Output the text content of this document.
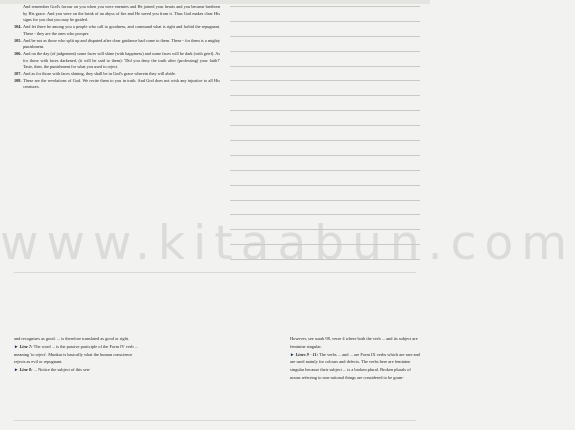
And remember God's favour on you when you were enemies and He joined your hearts and you became brethren by His grace. And you were on the brink of an abyss of fire and He saved you from it. Thus God makes clear His signs for you that you may be guided.
104. And let there be among you a people who call to goodness, and command what is right and forbid the repugnant. These - they are the ones who prosper.
105. And be not as those who split up and disputed after clear guidance had come to them. These - for them is a mighty punishment.
106. And on the day (of judgement) some faces will shine (with happiness) and some faces will be dark (with grief). As for those with faces darkened, (it will be said to them): 'Did you deny the truth after (professing) your faith?' Taste, then, the punishment for what you used to reject.
107. And as for those with faces shining, they shall be in God's grace wherein they will abide.
108. These are the revelations of God. We recite them to you in truth. And God does not wish any injustice to all His creatures.
www.kitaabun.com
and recognises as good. ... is therefore translated as good or right.
►Line 7: The word ... is the passive participle of the Form IV verb ... meaning 'to reject'. Munkar is basically what the human conscience rejects as evil or repugnant.
►Line 8: ... Notice the subject of this sen-
However, see surah 98, verse 4 where both the verb ... and its subject are feminine singular.
►Lines 9 - 11: The verbs ... and ... are Form IX verbs which are rare and are used mainly for colours and defects. The verbs here are feminine singular because their subject ... is a broken plural. Broken plurals of nouns referring to non-rational things are considered to be gram-
